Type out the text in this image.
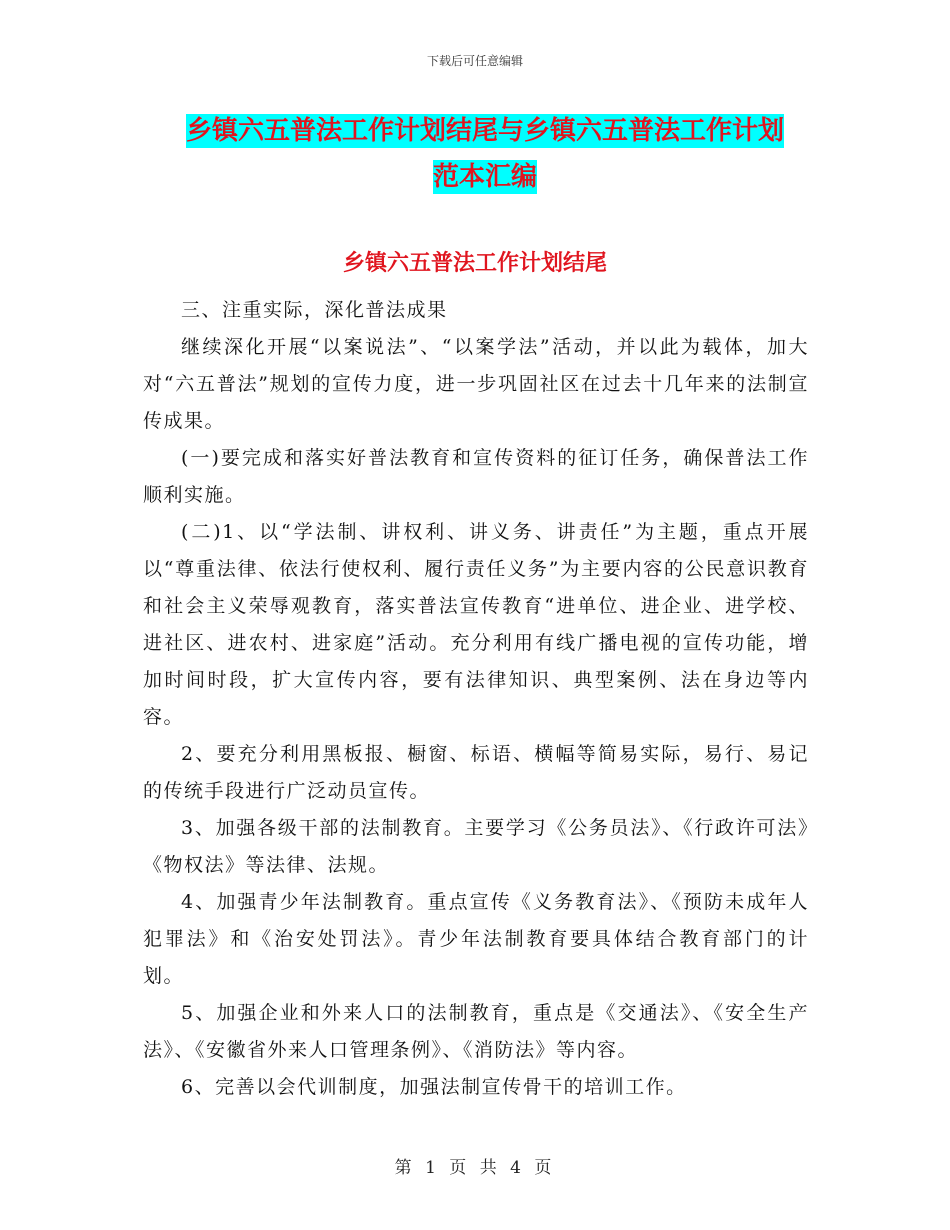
下载后可任意编辑
乡镇六五普法工作计划结尾与乡镇六五普法工作计划
范本汇编
乡镇六五普法工作计划结尾

三、注重实际，深化普法成果

继续深化开展“以案说法”、“以案学法”活动，并以此为载体，加大对“六五普法”规划的宣传力度，进一步巩固社区在过去十几年来的法制宣传成果。

(一)要完成和落实好普法教育和宣传资料的征订任务，确保普法工作顺利实施。

(二)1、以“学法制、讲权利、讲义务、讲责任”为主题，重点开展以“尊重法律、依法行使权利、履行责任义务”为主要内容的公民意识教育和社会主义荣辱观教育，落实普法宣传教育“进单位、进企业、进学校、进社区、进农村、进家庭”活动。充分利用有线广播电视的宣传功能，增加时间时段，扩大宣传内容，要有法律知识、典型案例、法在身边等内容。

2、要充分利用黑板报、橱窗、标语、横幅等简易实际，易行、易记的传统手段进行广泛动员宣传。

3、加强各级干部的法制教育。主要学习《公务员法》、《行政许可法》《物权法》等法律、法规。

4、加强青少年法制教育。重点宣传《义务教育法》、《预防未成年人犯罪法》和《治安处罚法》。青少年法制教育要具体结合教育部门的计划。

5、加强企业和外来人口的法制教育，重点是《交通法》、《安全生产法》、《安徽省外来人口管理条例》、《消防法》等内容。

6、完善以会代训制度，加强法制宣传骨干的培训工作。

第 1 页 共 4 页
